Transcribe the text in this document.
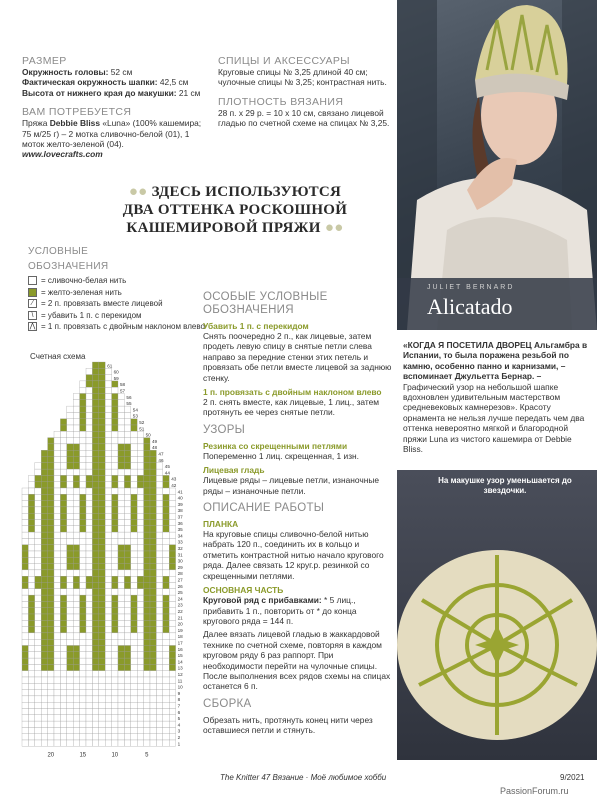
РАЗМЕР
Окружность головы: 52 см
Фактическая окружность шапки: 42,5 см
Высота от нижнего края до макушки: 21 см
ВАМ ПОТРЕБУЕТСЯ
Пряжа Debbie Bliss «Luna» (100% кашемира; 75 м/25 г) – 2 мотка сливочно-белой (01), 1 моток желто-зеленой (04).
www.lovecrafts.com
СПИЦЫ И АКСЕССУАРЫ
Круговые спицы № 3,25 длиной 40 см; чулочные спицы № 3,25; контрастная нить.
ПЛОТНОСТЬ ВЯЗАНИЯ
28 п. х 29 р. = 10 х 10 см, связано лицевой гладью по счетной схеме на спицах № 3,25.
●● ЗДЕСЬ ИСПОЛЬЗУЮТСЯ
ДВА ОТТЕНКА РОСКОШНОЙ
КАШЕМИРОВОЙ ПРЯЖИ ●●
УСЛОВНЫЕ
ОБОЗНАЧЕНИЯ
= сливочно-белая нить
= желто-зеленая нить
⁄ = 2 п. провязать вместе лицевой
\ = убавить 1 п. с перекидом
⋀ = 1 п. провязать с двойным наклоном влево
Счетная схема
61
60
59
58
57
56
55
54
53
52
51
50
49
48
47
46
45
44
43
42
41
40
39
38
37
36
35
34
33
32
31
30
29
28
27
26
25
24
23
22
21
20
19
18
17
16
15
14
13
12
11
10
9
8
7
6
5
4
3
2
1
20	15	10	5
ОСОБЫЕ УСЛОВНЫЕ ОБОЗНАЧЕНИЯ
Убавить 1 п. с перекидом
Снять поочередно 2 п., как лицевые, затем продеть левую спицу в снятые петли слева направо за передние стенки этих петель и провязать обе петли вместе лицевой за заднюю стенку.
1 п. провязать с двойным наклоном влево
2 п. снять вместе, как лицевые, 1 лиц., затем протянуть ее через снятые петли.
УЗОРЫ
Резинка со скрещенными петлями
Попеременно 1 лиц. скрещенная, 1 изн.
Лицевая гладь
Лицевые ряды – лицевые петли, изнаночные ряды – изнаночные петли.
ОПИСАНИЕ РАБОТЫ
ПЛАНКА
На круговые спицы сливочно-белой нитью набрать 120 п., соединить их в кольцо и отметить контрастной нитью начало кругового ряда. Далее связать 12 круг.р. резинкой со скрещенными петлями.
ОСНОВНАЯ ЧАСТЬ
Круговой ряд с прибавками: * 5 лиц., прибавить 1 п., повторить от * до конца кругового ряда = 144 п.
Далее вязать лицевой гладью в жаккардовой технике по счетной схеме, повторяя в каждом круговом ряду 6 раз раппорт. При необходимости перейти на чулочные спицы. После выполнения всех рядов схемы на спицах останется 6 п.
СБОРКА
Обрезать нить, протянуть конец нити через оставшиеся петли и стянуть.
JULIET BERNARD
Alicatado
«КОГДА Я ПОСЕТИЛА ДВОРЕЦ Альгамбра в Испании, то была поражена резьбой по камню, особенно панно и карнизами, – вспоминает Джульетта Бернар. – Графический узор на небольшой шапке вдохновлен удивительным мастерством средневековых камнерезов». Красоту орнамента не нельзя лучше передать чем два оттенка невероятно мягкой и благородной пряжи Luna из чистого кашемира от Debbie Bliss.
На макушке узор уменьшается до звездочки.
The Knitter 47 Вязание · Моё любимое хобби	9/2021
PassionForum.ru
